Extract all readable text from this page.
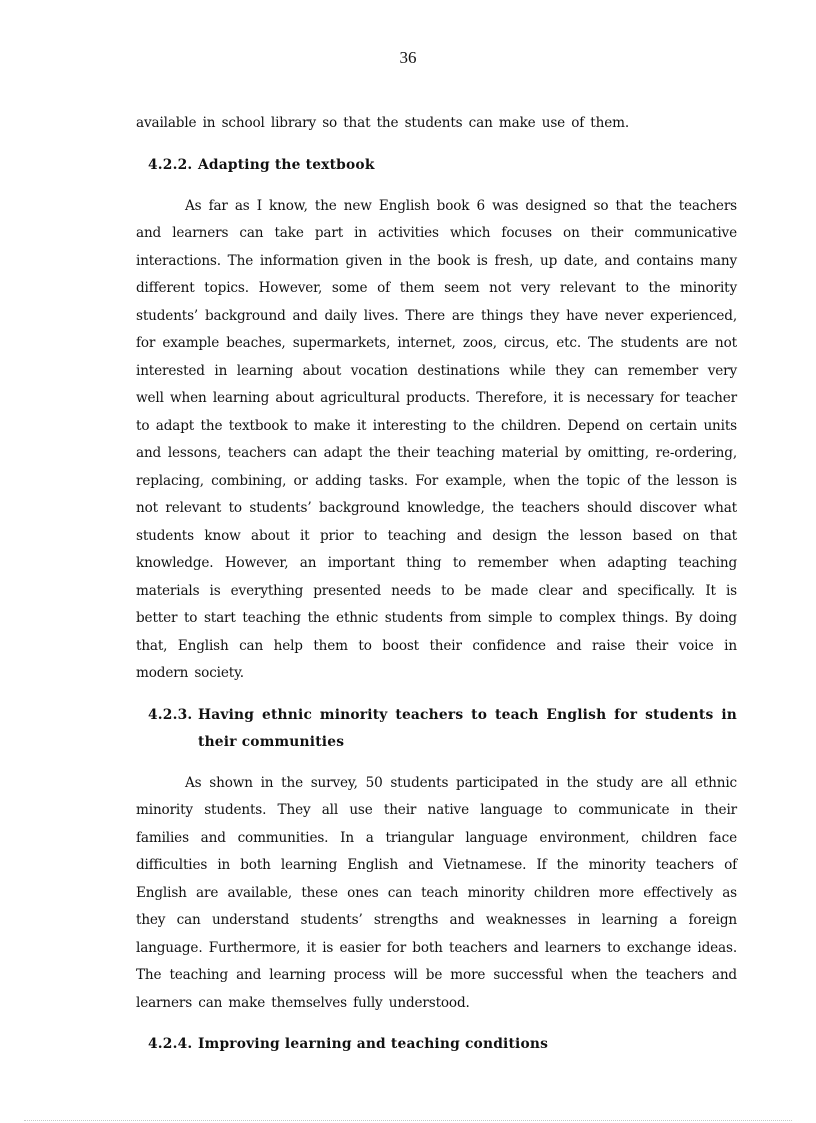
36

available in school library so that the students can make use of them.

4.2.2. Adapting the textbook

As far as I know, the new English book 6 was designed so that the teachers and learners can take part in activities which focuses on their communicative interactions. The information given in the book is fresh, up date, and contains many different topics. However, some of them seem not very relevant to the minority students’ background and daily lives. There are things they have never experienced, for example beaches, supermarkets, internet, zoos, circus, etc. The students are not interested in learning about vocation destinations while they can remember very well when learning about agricultural products. Therefore, it is necessary for teacher to adapt the textbook to make it interesting to the children. Depend on certain units and lessons, teachers can adapt the their teaching material by omitting, re-ordering, replacing, combining, or adding tasks. For example, when the topic of the lesson is not relevant to students’ background knowledge, the teachers should discover what students know about it prior to teaching and design the lesson based on that knowledge. However, an important thing to remember when adapting teaching materials is everything presented needs to be made clear and specifically. It is better to start teaching the ethnic students from simple to complex things. By doing that, English can help them to boost their confidence and raise their voice in modern society.

4.2.3. Having ethnic minority teachers to teach English for students in their communities

As shown in the survey, 50 students participated in the study are all ethnic minority students. They all use their native language to communicate in their families and communities. In a triangular language environment, children face difficulties in both learning English and Vietnamese. If the minority teachers of English are available, these ones can teach minority children more effectively as they can understand students’ strengths and weaknesses in learning a foreign language. Furthermore, it is easier for both teachers and learners to exchange ideas. The teaching and learning process will be more successful when the teachers and learners can make themselves fully understood.

4.2.4. Improving learning and teaching conditions
